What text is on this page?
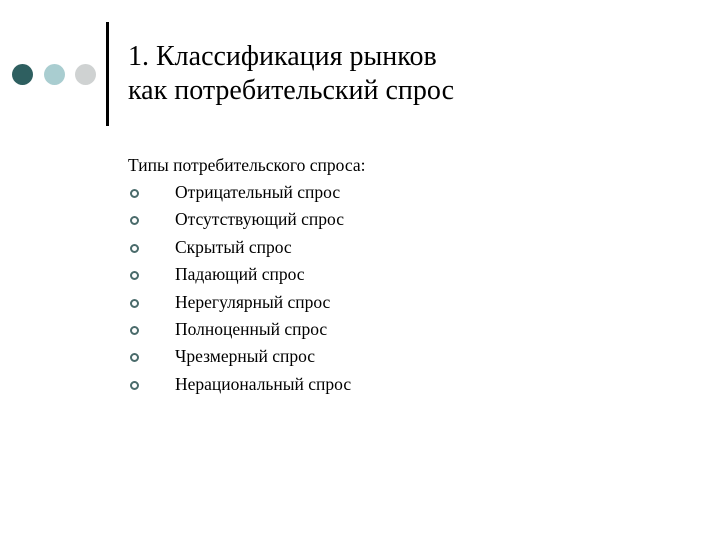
1. Классификация рынков
как потребительский спрос
Типы потребительского спроса:
Отрицательный спрос
Отсутствующий спрос
Скрытый спрос
Падающий спрос
Нерегулярный спрос
Полноценный спрос
Чрезмерный спрос
Нерациональный спрос
